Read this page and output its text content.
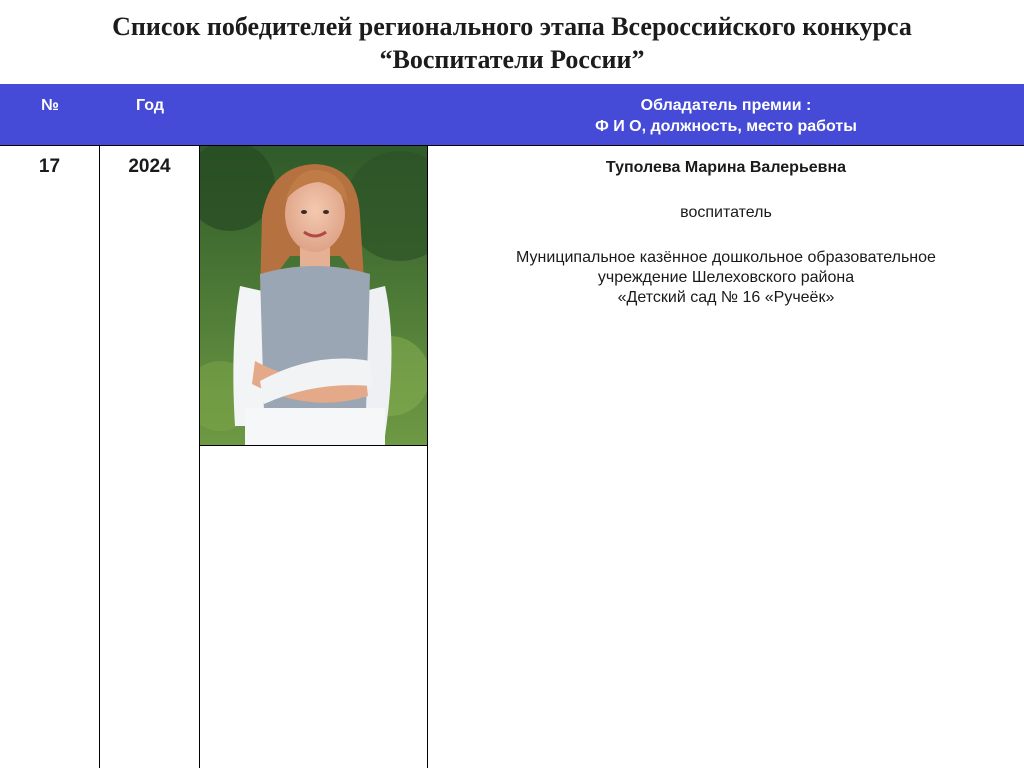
Список победителей регионального этапа Всероссийского конкурса
“Воспитатели России”
№	Год	Обладатель премии :
Ф И О, должность, место работы
17	2024	Туполева Марина Валерьевна
воспитатель
Муниципальное казённое дошкольное образовательное
учреждение Шелеховского района
«Детский сад № 16 «Ручеёк»
